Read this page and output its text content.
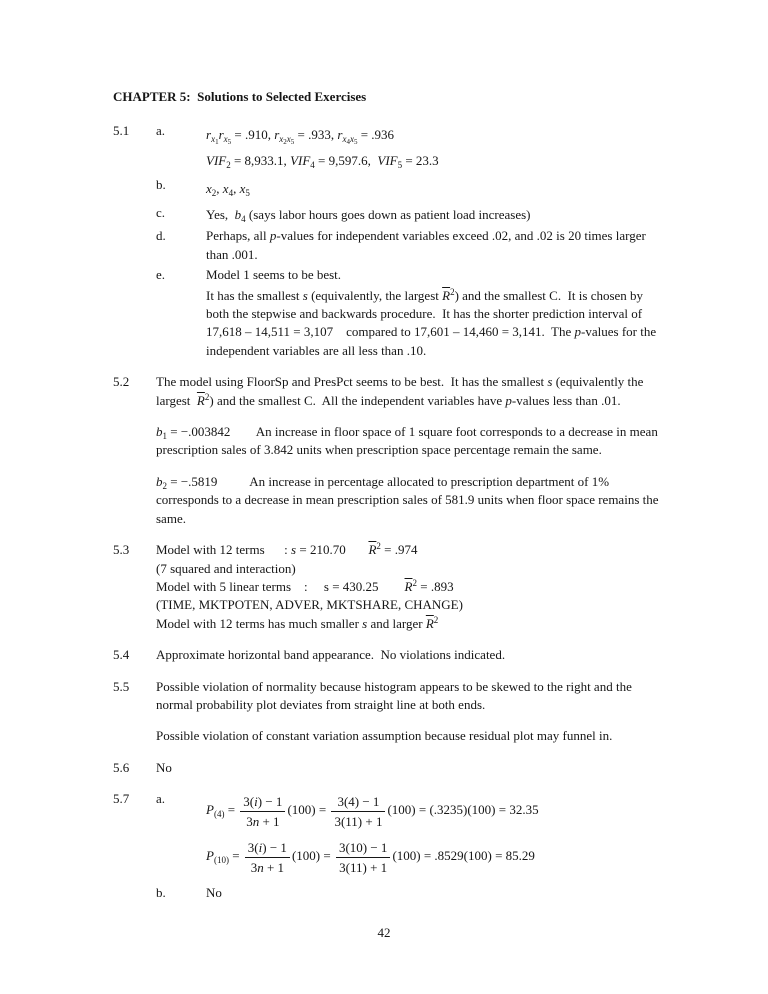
CHAPTER 5:  Solutions to Selected Exercises
5.1	a.	$r_{x_1}r_{x_5} = .910$, $r_{x_2x_5} = .933$, $r_{x_4x_5} = .936$
$VIF_2 = 8,933.1$, $VIF_4 = 9,597.6$,  $VIF_5 = 23.3$
b.	$x_2$, $x_4$, $x_5$
c.	Yes,  $b_4$ (says labor hours goes down as patient load increases)
d.	Perhaps, all p-values for independent variables exceed .02, and .02 is 20 times larger than .001.
e.	Model 1 seems to be best.
It has the smallest s (equivalently, the largest $\overline{R}^2$) and the smallest C.  It is chosen by both the stepwise and backwards procedure.  It has the shorter prediction interval of 17,618 – 14,511 = 3,107    compared to 17,601 – 14,460 = 3,141.  The p-values for the independent variables are all less than .10.
5.2	The model using FloorSp and PresPct seems to be best.  It has the smallest s (equivalently the largest  $\overline{R}^2$) and the smallest C.  All the independent variables have p-values less than .01.
$b_1 = -.003842$        An increase in floor space of 1 square foot corresponds to a decrease in mean prescription sales of 3.842 units when prescription space percentage remain the same.
$b_2 = -.5819$          An increase in percentage allocated to prescription department of 1% corresponds to a decrease in mean prescription sales of 581.9 units when floor space remains the same.
5.3	Model with 12 terms      : s = 210.70       $\overline{R}^2 = .974$
(7 squared and interaction)
Model with 5 linear terms    :     s = 430.25        $\overline{R}^2 = .893$
(TIME, MKTPOTEN, ADVER, MKTSHARE, CHANGE)
Model with 12 terms has much smaller s and larger $\overline{R}^2$
5.4	Approximate horizontal band appearance.  No violations indicated.
5.5	Possible violation of normality because histogram appears to be skewed to the right and the normal probability plot deviates from straight line at both ends.
Possible violation of constant variation assumption because residual plot may funnel in.
5.6	No
5.7	a.
$P_{(4)} = \frac{3(i) - 1}{3n + 1} (100) = \frac{3(4) - 1}{3(11) + 1} (100) = (.3235)(100) = 32.35$
$P_{(10)} = \frac{3(i) - 1}{3n + 1} (100) = \frac{3(10) - 1}{3(11) + 1} (100) = .8529(100) = 85.29$
b.	No
42
